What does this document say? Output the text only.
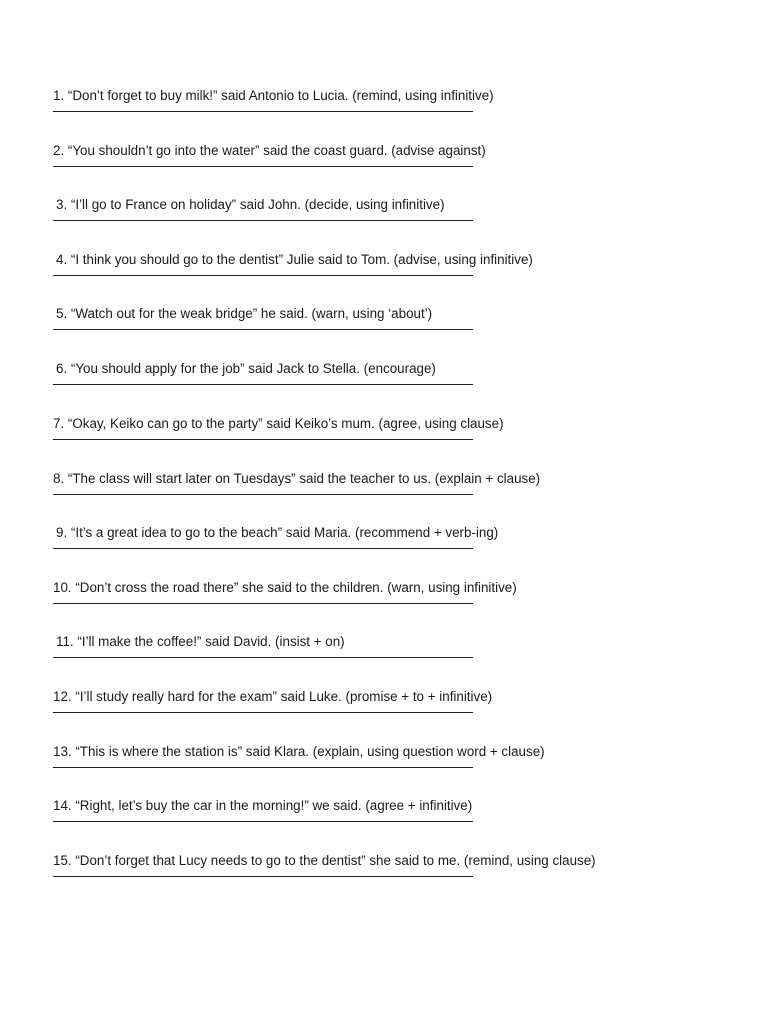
1. “Don’t forget to buy milk!” said Antonio to Lucia. (remind, using infinitive)
2. “You shouldn’t go into the water” said the coast guard. (advise against)
3. “I’ll go to France on holiday” said John. (decide, using infinitive)
4. “I think you should go to the dentist” Julie said to Tom. (advise, using infinitive)
5. “Watch out for the weak bridge” he said. (warn, using ‘about’)
6. “You should apply for the job” said Jack to Stella. (encourage)
7. “Okay, Keiko can go to the party” said Keiko’s mum. (agree, using clause)
8. “The class will start later on Tuesdays” said the teacher to us. (explain + clause)
9. “It’s a great idea to go to the beach” said Maria. (recommend + verb-ing)
10. “Don’t cross the road there” she said to the children. (warn, using infinitive)
11. “I’ll make the coffee!” said David. (insist + on)
12. “I’ll study really hard for the exam” said Luke. (promise + to + infinitive)
13. “This is where the station is” said Klara. (explain, using question word + clause)
14. “Right, let’s buy the car in the morning!” we said. (agree + infinitive)
15. “Don’t forget that Lucy needs to go to the dentist” she said to me. (remind, using clause)
